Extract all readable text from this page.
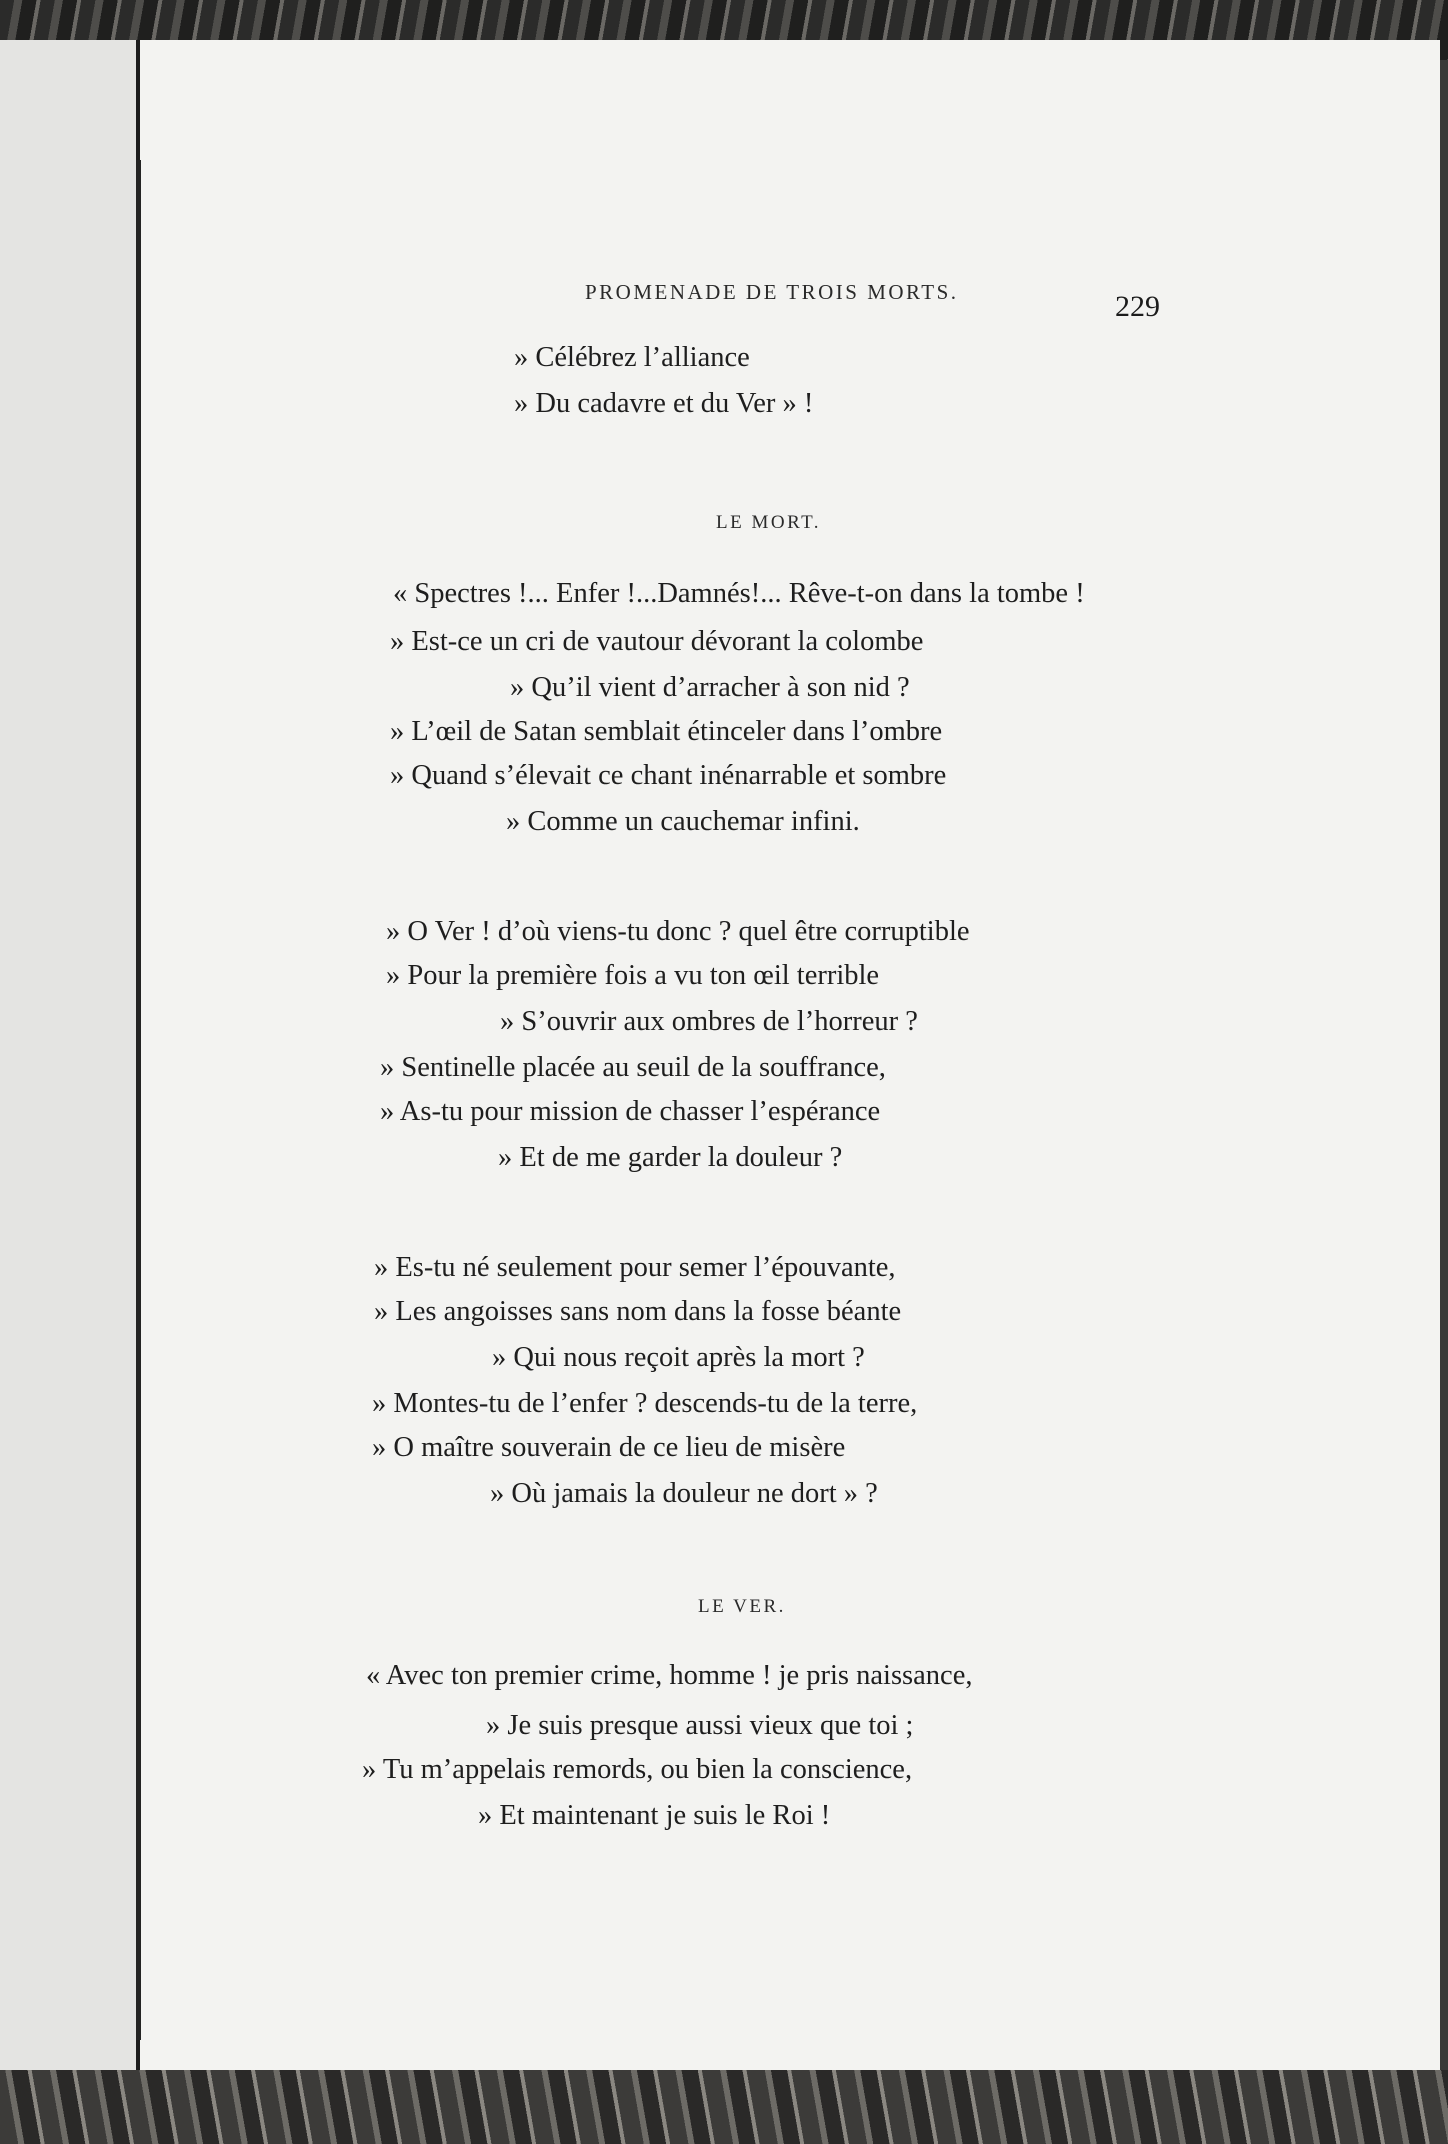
PROMENADE DE TROIS MORTS.	229
» Célébrez l’alliance
» Du cadavre et du Ver » !
LE MORT.
« Spectres !... Enfer !...Damnés!... Rêve-t-on dans la tombe !
» Est-ce un cri de vautour dévorant la colombe
» Qu’il vient d’arracher à son nid ?
» L’œil de Satan semblait étinceler dans l’ombre
» Quand s’élevait ce chant inénarrable et sombre
» Comme un cauchemar infini.
» O Ver ! d’où viens-tu donc ? quel être corruptible
» Pour la première fois a vu ton œil terrible
» S’ouvrir aux ombres de l’horreur ?
» Sentinelle placée au seuil de la souffrance,
» As-tu pour mission de chasser l’espérance
» Et de me garder la douleur ?
» Es-tu né seulement pour semer l’épouvante,
» Les angoisses sans nom dans la fosse béante
» Qui nous reçoit après la mort ?
» Montes-tu de l’enfer ? descends-tu de la terre,
» O maître souverain de ce lieu de misère
» Où jamais la douleur ne dort » ?
LE VER.
« Avec ton premier crime, homme ! je pris naissance,
» Je suis presque aussi vieux que toi ;
» Tu m’appelais remords, ou bien la conscience,
» Et maintenant je suis le Roi !
